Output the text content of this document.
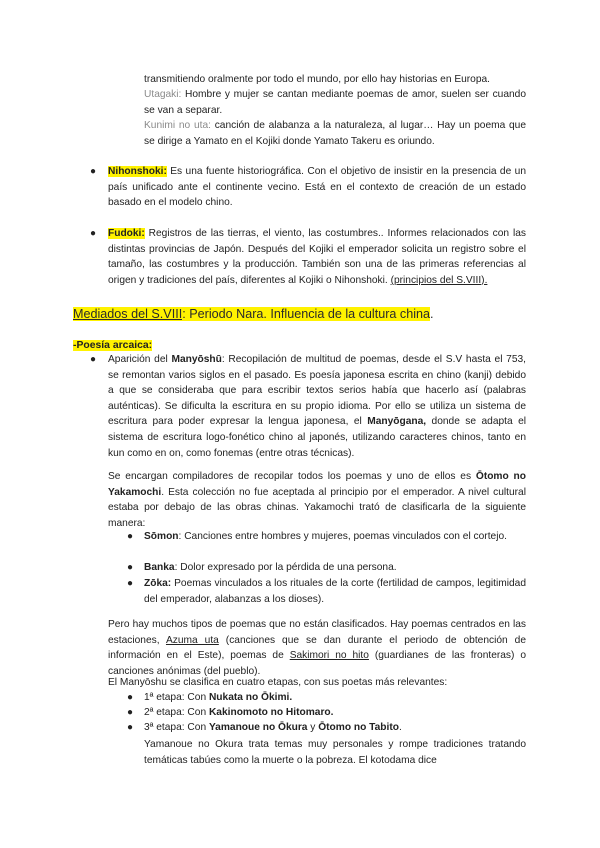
transmitiendo oralmente por todo el mundo, por ello hay historias en Europa.

Utagaki: Hombre y mujer se cantan mediante poemas de amor, suelen ser cuando se van a separar.

Kunimi no uta: canción de alabanza a la naturaleza, al lugar… Hay un poema que se dirige a Yamato en el Kojiki donde Yamato Takeru es oriundo.

● Nihonshoki: Es una fuente historiográfica. Con el objetivo de insistir en la presencia de un país unificado ante el continente vecino. Está en el contexto de creación de un estado basado en el modelo chino.

● Fudoki: Registros de las tierras, el viento, las costumbres.. Informes relacionados con las distintas provincias de Japón. Después del Kojiki el emperador solicita un registro sobre el tamaño, las costumbres y la producción. También son una de las primeras referencias al origen y tradiciones del país, diferentes al Kojiki o Nihonshoki. (principios del S.VIII).

Mediados del S.VIII: Periodo Nara. Influencia de la cultura china.
-Poesía arcaica:
● Aparición del Manyōshū: Recopilación de multitud de poemas, desde el S.V hasta el 753, se remontan varios siglos en el pasado. Es poesía japonesa escrita en chino (kanji) debido a que se consideraba que para escribir textos serios había que hacerlo así (palabras auténticas). Se dificulta la escritura en su propio idioma. Por ello se utiliza un sistema de escritura para poder expresar la lengua japonesa, el Manyōgana, donde se adapta el sistema de escritura logo-fonético chino al japonés, utilizando caracteres chinos, tanto en kun como en on, como fonemas (entre otras técnicas).

Se encargan compiladores de recopilar todos los poemas y uno de ellos es Ōtomo no Yakamochi. Esta colección no fue aceptada al principio por el emperador. A nivel cultural estaba por debajo de las obras chinas. Yakamochi trató de clasificarla de la siguiente manera:

● Sōmon: Canciones entre hombres y mujeres, poemas vinculados con el cortejo.

● Banka: Dolor expresado por la pérdida de una persona.

● Zōka: Poemas vinculados a los rituales de la corte (fertilidad de campos, legitimidad del emperador, alabanzas a los dioses).

Pero hay muchos tipos de poemas que no están clasificados. Hay poemas centrados en las estaciones, Azuma uta (canciones que se dan durante el periodo de obtención de información en el Este), poemas de Sakimori no hito (guardianes de las fronteras) o canciones anónimas (del pueblo).

El Manyōshu se clasifica en cuatro etapas, con sus poetas más relevantes:

● 1ª etapa: Con Nukata no Ōkimi.

● 2ª etapa: Con Kakinomoto no Hitomaro.

● 3ª etapa: Con Yamanoue no Ōkura y Ōtomo no Tabito.

Yamanoue no Okura trata temas muy personales y rompe tradiciones tratando temáticas tabúes como la muerte o la pobreza. El kotodama dice
